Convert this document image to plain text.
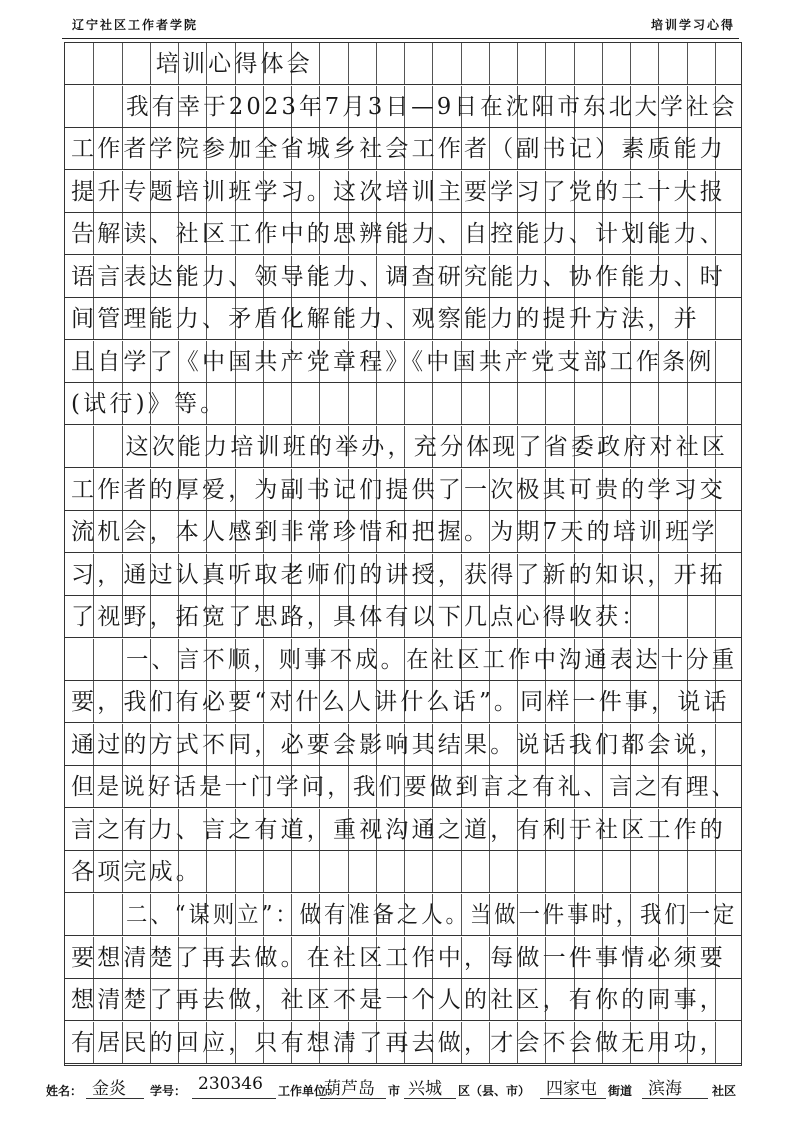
辽宁社区工作者学院	培训学习心得
培训心得体会
我有幸于2023年7月3日—9日在沈阳市东北大学社会
工作者学院参加全省城乡社会工作者（副书记）素质能力
提升专题培训班学习。这次培训主要学习了党的二十大报
告解读、社区工作中的思辨能力、自控能力、计划能力、
语言表达能力、领导能力、调查研究能力、协作能力、时
间管理能力、矛盾化解能力、观察能力的提升方法，并
且自学了《中国共产党章程》《中国共产党支部工作条例
(试行)》等。
这次能力培训班的举办，充分体现了省委政府对社区
工作者的厚爱，为副书记们提供了一次极其可贵的学习交
流机会，本人感到非常珍惜和把握。为期7天的培训班学
习，通过认真听取老师们的讲授，获得了新的知识，开拓
了视野，拓宽了思路，具体有以下几点心得收获：
一、言不顺，则事不成。在社区工作中沟通表达十分重
要，我们有必要“对什么人讲什么话”。同样一件事，说话
通过的方式不同，必要会影响其结果。说话我们都会说，
但是说好话是一门学问，我们要做到言之有礼、言之有理、
言之有力、言之有道，重视沟通之道，有利于社区工作的
各项完成。
二、“谋则立”：做有准备之人。当做一件事时，我们一定
要想清楚了再去做。在社区工作中，每做一件事情必须要
想清楚了再去做，社区不是一个人的社区，有你的同事，
有居民的回应，只有想清了再去做，才会不会做无用功，
姓名： 金炎 学号： 230346 工作单位：
葫芦岛 市 兴城 区（县、市） 四家屯 街道 滨海	社区
